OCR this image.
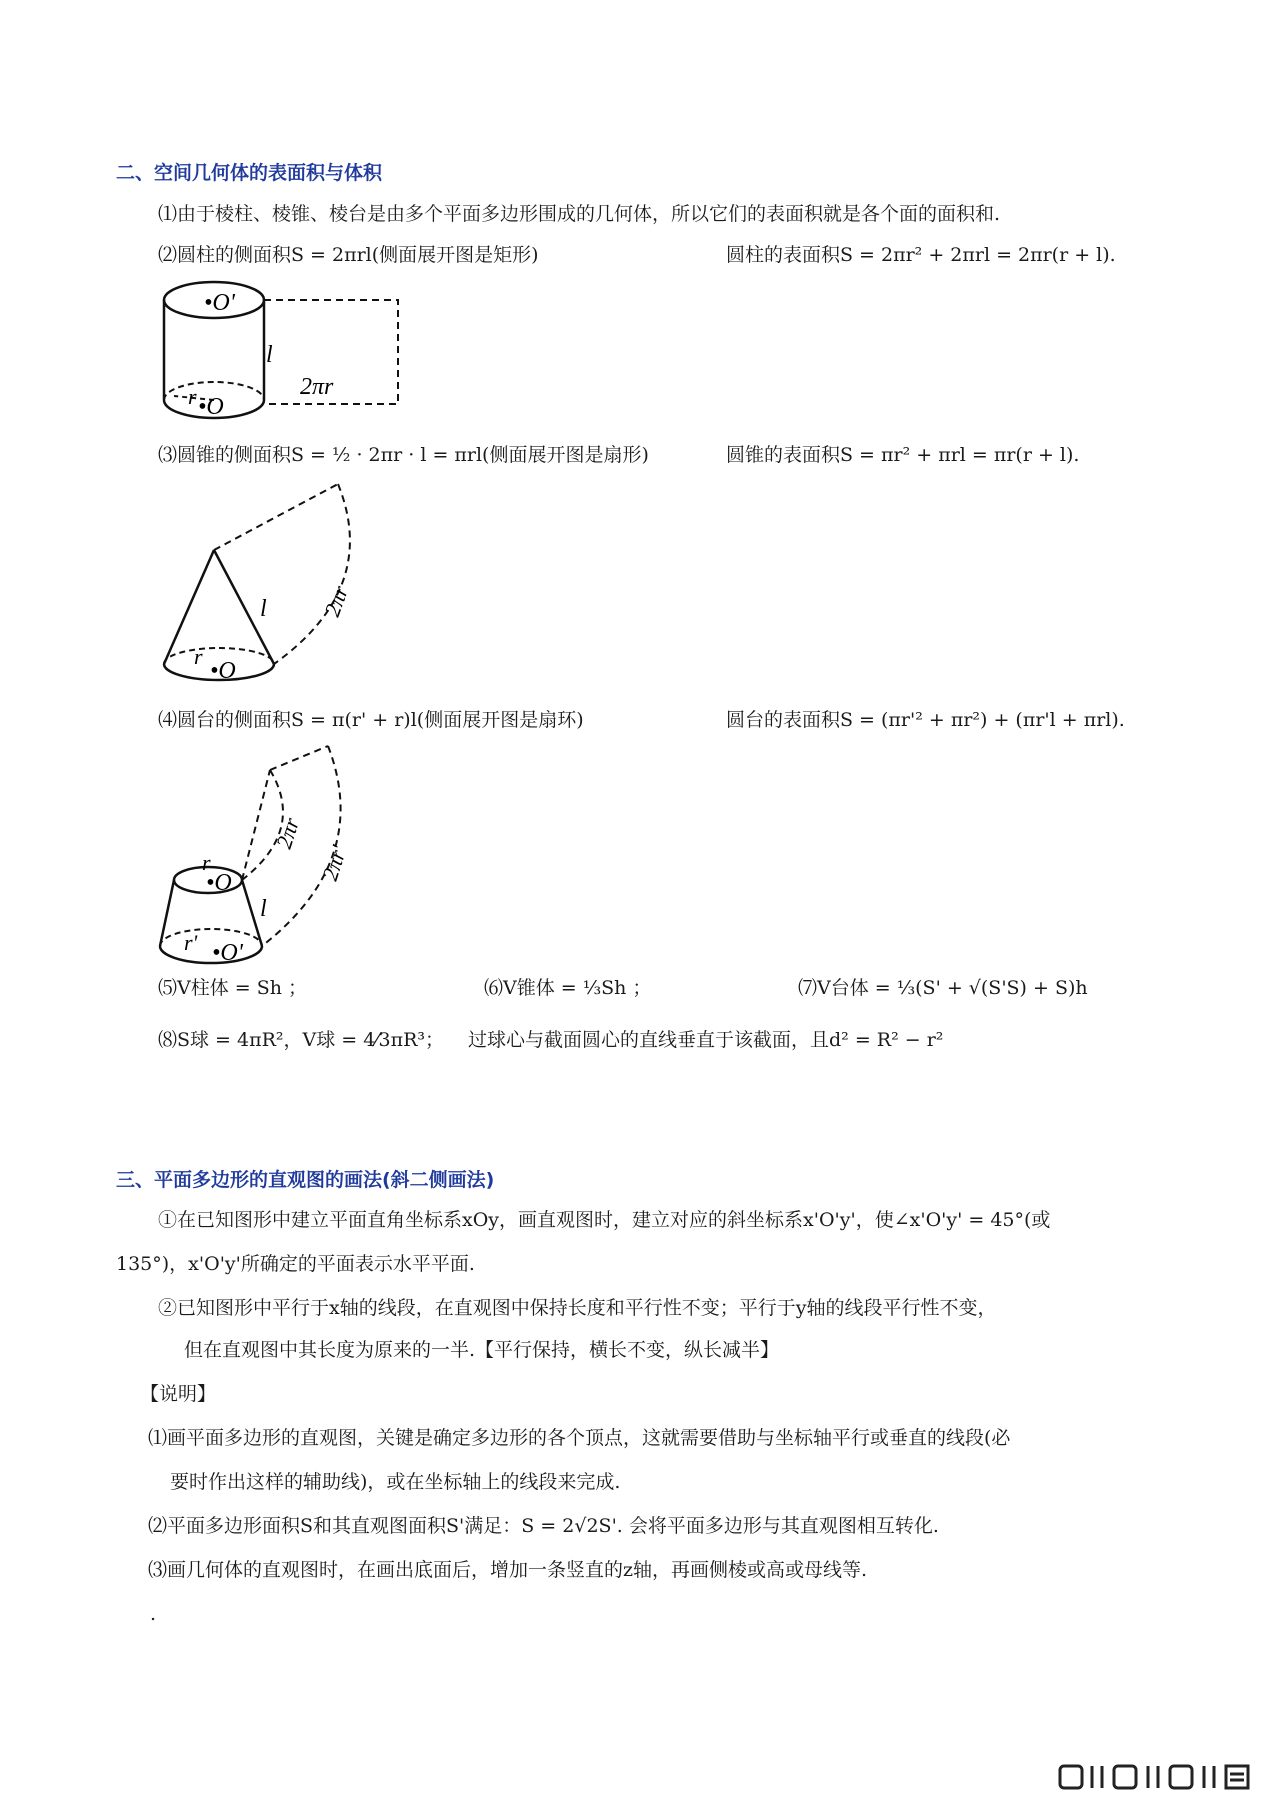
二、空间几何体的表面积与体积
⑴由于棱柱、棱锥、棱台是由多个平面多边形围成的几何体，所以它们的表面积就是各个面的面积和.
⑵圆柱的侧面积S = 2πrl(侧面展开图是矩形)	圆柱的表面积S = 2πr² + 2πrl = 2πr(r + l).
•O'
•O
r
l
2πr
⑶圆锥的侧面积S = ½ · 2πr · l = πrl(侧面展开图是扇形)	圆锥的表面积S = πr² + πrl = πr(r + l).
•O
r
l 2πr
⑷圆台的侧面积S = π(r' + r)l(侧面展开图是扇环)	圆台的表面积S = (πr'² + πr²) + (πr'l + πrl).
•O
r
•O'
r'
l
2πr
2πr'
⑸V柱体 = Sh ；	⑹V锥体 = ⅓Sh ；	⑺V台体 = ⅓(S' + √(S'S) + S)h
⑻S球 = 4πR²，V球 = 4⁄3πR³； 过球心与截面圆心的直线垂直于该截面，且d² = R² − r²
三、平面多边形的直观图的画法(斜二侧画法)
①在已知图形中建立平面直角坐标系xOy，画直观图时，建立对应的斜坐标系x'O'y'，使∠x'O'y' = 45°(或
135°)，x'O'y'所确定的平面表示水平平面.
②已知图形中平行于x轴的线段，在直观图中保持长度和平行性不变；平行于y轴的线段平行性不变，
但在直观图中其长度为原来的一半.【平行保持，横长不变，纵长减半】
【说明】
⑴画平面多边形的直观图，关键是确定多边形的各个顶点，这就需要借助与坐标轴平行或垂直的线段(必
要时作出这样的辅助线)，或在坐标轴上的线段来完成.
⑵平面多边形面积S和其直观图面积S'满足：S = 2√2S'. 会将平面多边形与其直观图相互转化.
⑶画几何体的直观图时，在画出底面后，增加一条竖直的z轴，再画侧棱或高或母线等.
.
